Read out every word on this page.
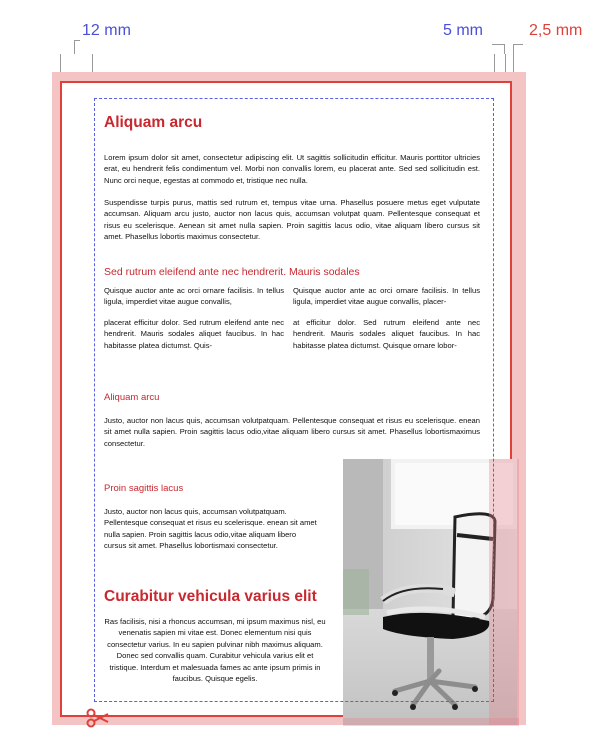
12 mm	5 mm	2,5 mm
Aliquam arcu
Lorem ipsum dolor sit amet, consectetur adipiscing elit. Ut sagittis sollicitudin efficitur. Mauris porttitor ultricies erat, eu hendrerit felis condimentum vel. Morbi non convallis lorem, eu placerat ante. Sed sed sollicitudin est. Nunc orci neque, egestas at commodo et, tristique nec nulla.
Suspendisse turpis purus, mattis sed rutrum et, tempus vitae urna. Phasellus posuere metus eget vulputate accumsan. Aliquam arcu justo, auctor non lacus quis, accumsan volutpat quam. Pellentesque consequat et risus eu scelerisque. Aenean sit amet nulla sapien. Proin sagittis lacus odio, vitae aliquam libero cursus sit amet. Phasellus lobortis maximus consectetur.
Sed rutrum eleifend ante nec hendrerit. Mauris sodales
Quisque auctor ante ac orci ornare facilisis. In tellus ligula, imperdiet vitae augue convallis,
placerat efficitur dolor. Sed rutrum eleifend ante nec hendrerit. Mauris sodales aliquet faucibus. In hac habitasse platea dictumst. Quis-
Quisque auctor ante ac orci ornare facilisis. In tellus ligula, imperdiet vitae augue convallis, placer-
at efficitur dolor. Sed rutrum eleifend ante nec hendrerit. Mauris sodales aliquet faucibus. In hac habitasse platea dictumst. Quisque ornare lobor-
Aliquam arcu
Justo, auctor non lacus quis, accumsan volutpatquam. Pellentesque consequat et risus eu scelerisque. enean sit amet nulla sapien. Proin sagittis lacus odio,vitae aliquam libero cursus sit amet. Phasellus lobortismaximus consectetur.
Proin sagittis lacus
Justo, auctor non lacus quis, accumsan volutpatquam. Pellentesque consequat et risus eu scelerisque. enean sit amet nulla sapien. Proin sagittis lacus odio,vitae aliquam libero cursus sit amet. Phasellus lobortismaxi consectetur.
Curabitur vehicula varius elit
Ras facilisis, nisi a rhoncus accumsan, mi ipsum maximus nisl, eu venenatis sapien mi vitae est. Donec elementum nisi quis consectetur varius. In eu sapien pulvinar nibh maximus aliquam. Donec sed convallis quam. Curabitur vehicula varius elit et tristique. Interdum et malesuada fames ac ante ipsum primis in faucibus. Quisque egelis.
